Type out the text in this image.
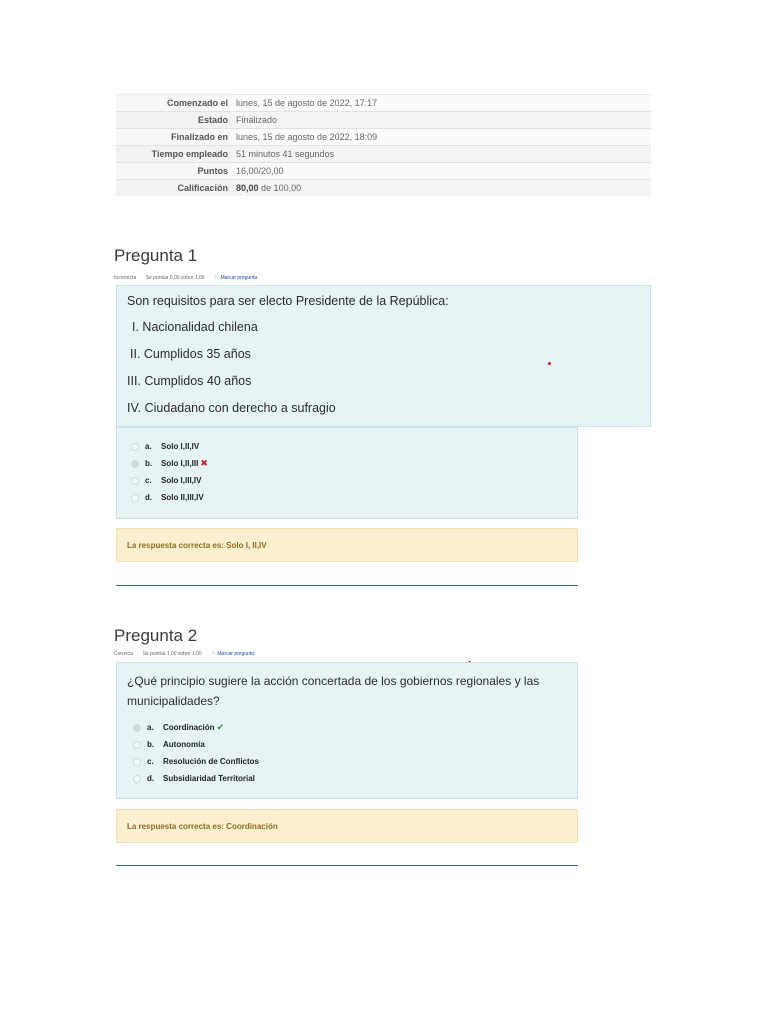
Comenzado el	lunes, 15 de agosto de 2022, 17:17
Estado	Finalizado
Finalizado en	lunes, 15 de agosto de 2022, 18:09
Tiempo empleado	51 minutos 41 segundos
Puntos	16,00/20,00
Calificación	80,00 de 100,00
Pregunta 1
Incorrecta Se puntúa 0,00 sobre 1,00 ⚐ Marcar pregunta
Son requisitos para ser electo Presidente de la República:
I. Nacionalidad chilena
II. Cumplidos 35 años
III. Cumplidos 40 años
IV. Ciudadano con derecho a sufragio
a.	Solo I,II,IV
b.	Solo I,II,III ✖
c.	Solo I,III,IV
d.	Solo II,III,IV
La respuesta correcta es: Solo I, II,IV
Pregunta 2
Correcta Se puntúa 1,00 sobre 1,00 ⚐ Marcar pregunta
¿Qué principio sugiere la acción concertada de los gobiernos regionales y las municipalidades?
a.	Coordinación ✔
b.	Autonomía
c.	Resolución de Conflictos
d.	Subsidiaridad Territorial
La respuesta correcta es: Coordinación
